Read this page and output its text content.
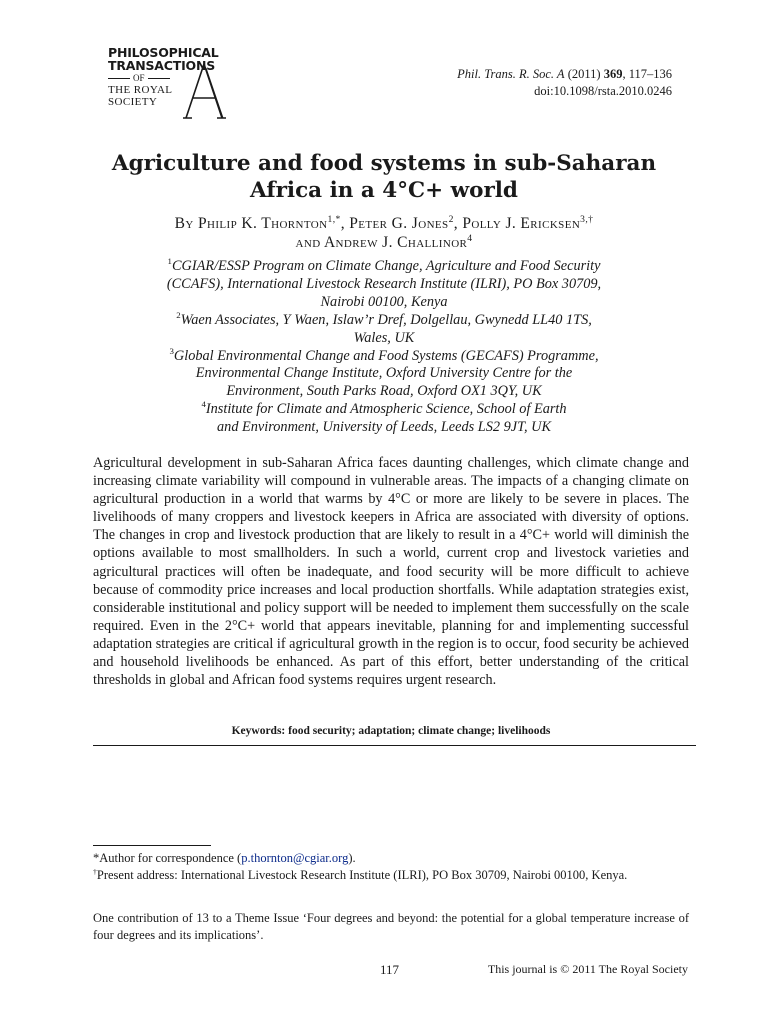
PHILOSOPHICAL
TRANSACTIONS
OF
THE ROYAL
SOCIETY
Phil. Trans. R. Soc. A (2011) 369, 117–136
doi:10.1098/rsta.2010.0246
Agriculture and food systems in sub-Saharan
Africa in a 4°C+ world
By Philip K. Thornton$^{1,*}$, Peter G. Jones$^2$, Polly J. Ericksen$^{3,\dagger}$
and Andrew J. Challinor$^4$
$^1$CGIAR/ESSP Program on Climate Change, Agriculture and Food Security
(CCAFS), International Livestock Research Institute (ILRI), PO Box 30709,
Nairobi 00100, Kenya
$^2$Waen Associates, Y Waen, Islaw’r Dref, Dolgellau, Gwynedd LL40 1TS,
Wales, UK
$^3$Global Environmental Change and Food Systems (GECAFS) Programme,
Environmental Change Institute, Oxford University Centre for the
Environment, South Parks Road, Oxford OX1 3QY, UK
$^4$Institute for Climate and Atmospheric Science, School of Earth
and Environment, University of Leeds, Leeds LS2 9JT, UK
Agricultural development in sub-Saharan Africa faces daunting challenges, which climate change and increasing climate variability will compound in vulnerable areas. The impacts of a changing climate on agricultural production in a world that warms by 4°C or more are likely to be severe in places. The livelihoods of many croppers and livestock keepers in Africa are associated with diversity of options. The changes in crop and livestock production that are likely to result in a 4°C+ world will diminish the options available to most smallholders. In such a world, current crop and livestock varieties and agricultural practices will often be inadequate, and food security will be more difficult to achieve because of commodity price increases and local production shortfalls. While adaptation strategies exist, considerable institutional and policy support will be needed to implement them successfully on the scale required. Even in the 2°C+ world that appears inevitable, planning for and implementing successful adaptation strategies are critical if agricultural growth in the region is to occur, food security be achieved and household livelihoods be enhanced. As part of this effort, better understanding of the critical thresholds in global and African food systems requires urgent research.
Keywords: food security; adaptation; climate change; livelihoods

*Author for correspondence (p.thornton@cgiar.org).

†Present address: International Livestock Research Institute (ILRI), PO Box 30709, Nairobi 00100, Kenya.

One contribution of 13 to a Theme Issue ‘Four degrees and beyond: the potential for a global temperature increase of four degrees and its implications’.
117	This journal is © 2011 The Royal Society
